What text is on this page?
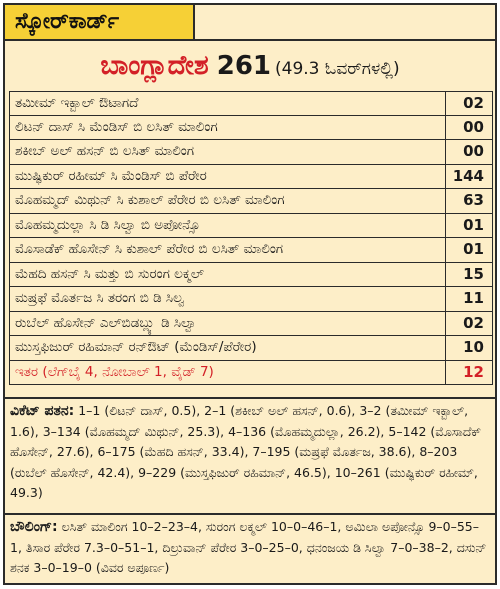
ಸ್ಕೋರ್‌ಕಾರ್ಡ್
ಬಾಂಗ್ಲಾದೇಶ 261 (49.3 ಓವರ್‌ಗಳಲ್ಲಿ)
ತಮೀಮ್ ಇಕ್ಬಾಲ್ ಔಟಾಗದೆ	02
ಲಿಟನ್ ದಾಸ್ ಸಿ ಮೆಂಡಿಸ್ ಬಿ ಲಸಿತ್ ಮಾಲಿಂಗ	00
ಶಕೀಬ್ ಅಲ್ ಹಸನ್ ಬಿ ಲಸಿತ್ ಮಾಲಿಂಗ	00
ಮುಷ್ಫಿಕುರ್ ರಹೀಮ್ ಸಿ ಮೆಂಡಿಸ್ ಬಿ ಪೆರೇರ	144
ಮೊಹಮ್ಮದ್ ಮಿಥುನ್ ಸಿ ಕುಶಾಲ್ ಪೆರೇರ ಬಿ ಲಸಿತ್ ಮಾಲಿಂಗ	63
ಮೊಹಮ್ಮದುಲ್ಲಾ ಸಿ ಡಿ ಸಿಲ್ವಾ ಬಿ ಅಪೋನ್ಸೊ	01
ಮೊಸಾಡೆಕ್ ಹೊಸೇನ್ ಸಿ ಕುಶಾಲ್ ಪೆರೇರ ಬಿ ಲಸಿತ್ ಮಾಲಿಂಗ	01
ಮೆಹದಿ ಹಸನ್ ಸಿ ಮತ್ತು ಬಿ ಸುರಂಗ ಲಕ್ಮಲ್	15
ಮಷ್ರಫೆ ಮೊರ್ತಜ ಸಿ ತರಂಗ ಬಿ ಡಿ ಸಿಲ್ವ	11
ರುಬೆಲ್ ಹೊಸೇನ್ ಎಲ್‌ಬಿಡಬ್ಲ್ಯು ಡಿ ಸಿಲ್ವಾ	02
ಮುಸ್ತಫಿಜುರ್ ರಹಿಮಾನ್ ರನ್‌ಔಟ್ (ಮೆಂಡಿಸ್/ಪೆರೇರ)	10
ಇತರ (ಲೆಗ್‌ಬೈ 4, ನೋಬಾಲ್ 1, ವೈಡ್ 7)	12
ವಿಕೆಟ್ ಪತನ: 1–1 (ಲಿಟನ್ ದಾಸ್, 0.5), 2–1 (ಶಕೀಬ್ ಅಲ್ ಹಸನ್, 0.6), 3–2 (ತಮೀಮ್ ಇಕ್ಬಾಲ್, 1.6), 3–134 (ಮೊಹಮ್ಮದ್ ಮಿಥುನ್, 25.3), 4–136 (ಮೊಹಮ್ಮದುಲ್ಲಾ, 26.2), 5–142 (ಮೊಸಾದೆಕ್ ಹೊಸೇನ್, 27.6), 6–175 (ಮೆಹದಿ ಹಸನ್, 33.4), 7–195 (ಮಷ್ರಫೆ ಮೊರ್ತಜ, 38.6), 8–203 (ರುಬೆಲ್ ಹೊಸೇನ್, 42.4), 9–229 (ಮುಸ್ತಫಿಜುರ್ ರಹಿಮಾನ್, 46.5), 10–261 (ಮುಷ್ಫಿಕುರ್ ರಹೀಮ್, 49.3)
ಬೌಲಿಂಗ್: ಲಸಿತ್ ಮಾಲಿಂಗ 10–2–23–4, ಸುರಂಗ ಲಕ್ಮಲ್ 10–0–46–1, ಅಮಿಲಾ ಅಪೋನ್ಸೊ 9–0–55–1, ತಿಸಾರ ಪೆರೇರ 7.3–0–51–1, ದಿಲ್ರುವಾನ್ ಪೆರೇರ 3–0–25–0, ಧನಂಜಯ ಡಿ ಸಿಲ್ವಾ 7–0–38–2, ದಸುನ್ ಶನಕ 3–0–19–0 (ವಿವರ ಅಪೂರ್ಣ)
